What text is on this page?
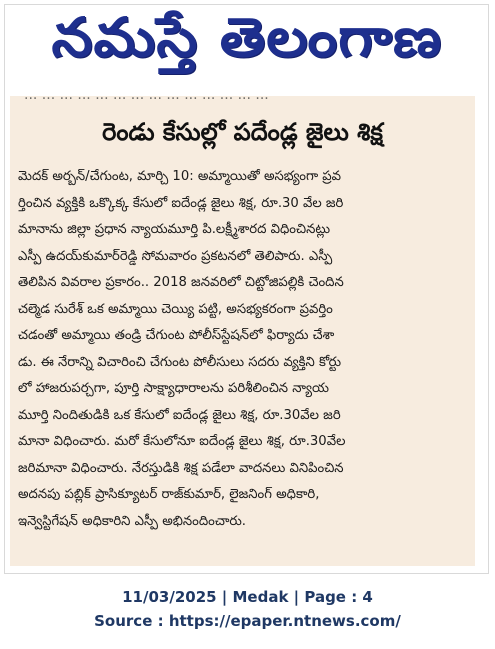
నమస్తే తెలంగాణ
... ... ... ... ... ... ... ... ... ... ... ... ... ...
రెండు కేసుల్లో పదేండ్ల జైలు శిక్ష
మెదక్ అర్బన్/చేగుంట, మార్చి 10: అమ్మాయితో అసభ్యంగా ప్రవ
ర్తించిన వ్యక్తికి ఒక్కొక్క కేసులో ఐదేండ్ల జైలు శిక్ష, రూ.30 వేల జరి
మానాను జిల్లా ప్రధాన న్యాయమూర్తి పి.లక్ష్మీశారద విధించినట్లు
ఎస్పీ ఉదయ్‌కుమార్‌రెడ్డి సోమవారం ప్రకటనలో తెలిపారు. ఎస్పీ
తెలిపిన వివరాల ప్రకారం.. 2018 జనవరిలో చిట్టోజిపల్లికి చెందిన
చల్మెడ సురేశ్ ఒక అమ్మాయి చెయ్యి పట్టి, అసభ్యకరంగా ప్రవర్తిం
చడంతో అమ్మాయి తండ్రి చేగుంట పోలీస్‌స్టేషన్‌లో ఫిర్యాదు చేశా
డు. ఈ నేరాన్ని విచారించి చేగుంట పోలీసులు సదరు వ్యక్తిని కోర్టు
లో హాజరుపర్చగా, పూర్తి సాక్ష్యాధారాలను పరిశీలించిన న్యాయ
మూర్తి నిందితుడికి ఒక కేసులో ఐదేండ్ల జైలు శిక్ష, రూ.30వేల జరి
మానా విధించారు. మరో కేసులోనూ ఐదేండ్ల జైలు శిక్ష, రూ.30వేల
జరిమానా విధించారు. నేరస్తుడికి శిక్ష పడేలా వాదనలు వినిపించిన
అదనపు పబ్లిక్ ప్రాసిక్యూటర్ రాజ్‌కుమార్, లైజనింగ్ అధికారి,
ఇన్వెస్టిగేషన్ అధికారిని ఎస్పీ అభినందించారు.
11/03/2025 | Medak | Page : 4
Source : https://epaper.ntnews.com/
